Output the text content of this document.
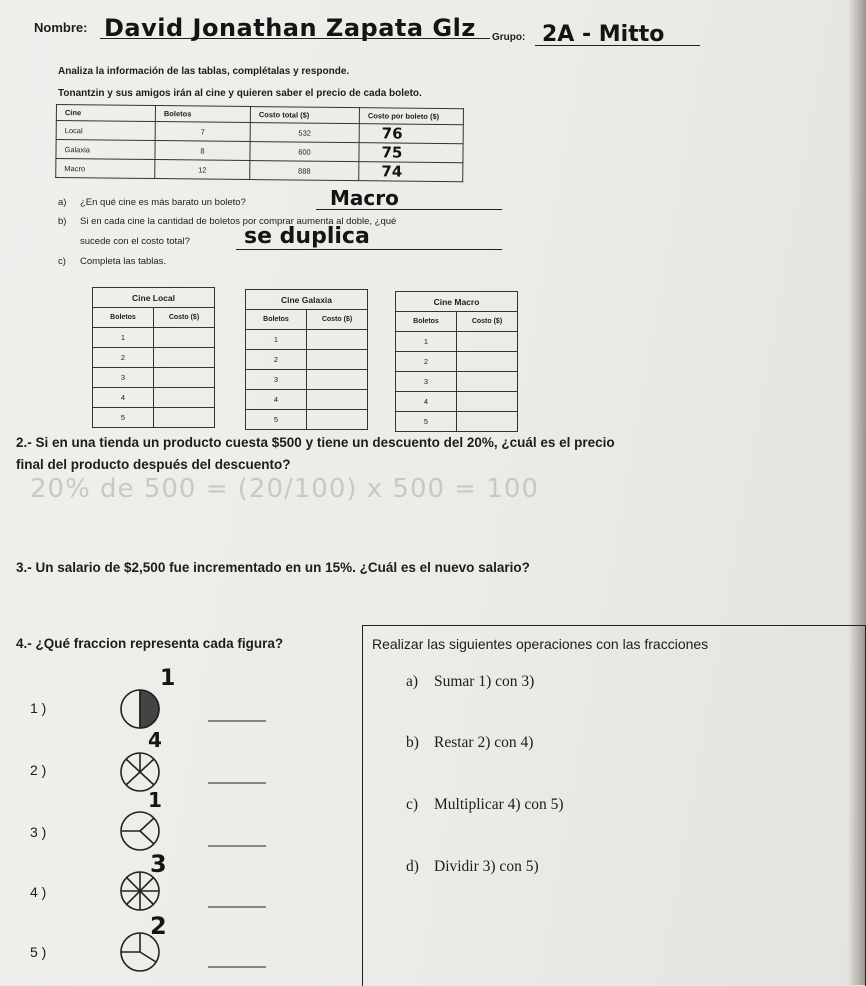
Nombre: David Jonathan Zapata Glz Grupo: 2A - Mitto
Analiza la información de las tablas, complétalas y responde.
Tonantzin y sus amigos irán al cine y quieren saber el precio de cada boleto.
Cine	Boletos	Costo total ($)	Costo por boleto ($)
Local	7	532	76
Galaxia	8	600	75
Macro	12	888	74
a) ¿En qué cine es más barato un boleto?	Macro
b) Si en cada cine la cantidad de boletos por comprar aumenta al doble, ¿qué
sucede con el costo total? se duplica
c) Completa las tablas.
Cine Local	
Boletos	Costo ($)
1	
2	
3	
4	
5	
Cine Galaxia	
Boletos	Costo ($)
1	
2	
3	
4	
5	
Cine Macro	
Boletos	Costo ($)
1	
2	
3	
4	
5	
2.- Si en una tienda un producto cuesta $500 y tiene un descuento del 20%, ¿cuál es el precio
final del producto después del descuento?
20% de 500 = (20/100) x 500 = 100
3.- Un salario de $2,500 fue incrementado en un 15%. ¿Cuál es el nuevo salario?
4.- ¿Qué fraccion representa cada figura?
1 )
2 )
3 )
4 )
5 )
1
4
1
3
2
Realizar las siguientes operaciones con las fracciones
a) Sumar 1) con 3)
b) Restar 2) con 4)
c) Multiplicar 4) con 5)
d) Dividir 3) con 5)
